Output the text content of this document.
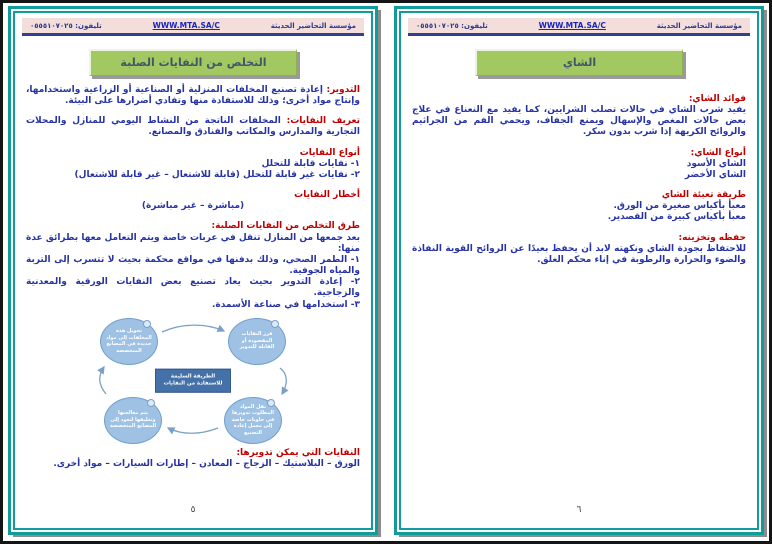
مؤسسة التحاضير الحديثة
WWW.MTA.SA/C
تليفون: ٠٥٥٥١٠٧٠٢٥
التخلص من النفايات الصلبة

التدوير: إعادة تصنيع المخلفات المنزلية أو الصناعية أو الزراعية واستخدامها، وإنتاج مواد أخرى؛ وذلك للاستفادة منها وتفادي أضرارها على البيئة.

تعريف النفايات: المخلفات الناتجة من النشاط اليومي للمنازل والمحلات التجارية والمدارس والمكاتب والفنادق والمصانع.

أنواع النفايات
١- نفايات قابلة للتحلل
٢- نفايات غير قابلة للتحلل (قابلة للاشتعال – غير قابلة للاشتعال)
أخطار النفايات
(مباشرة – غير مباشرة)
طرق التخلص من النفايات الصلبة:
بعد جمعها من المنازل تنقل في عربات خاصة ويتم التعامل معها بطرائق عدة منها:
١- الطمر الصحي، وذلك بدفنها في مواقع محكمة بحيث لا تتسرب إلى التربة والمياه الجوفية.
٢- إعادة التدوير بحيث يعاد تصنيع بعض النفايات الورقية والمعدنية والزجاجية.
٣- استخدامها في صناعة الأسمدة.
فرز النفايات المقصودة أو القابلة للتدوير
نقل المواد المطلوب تدويرها في حاويات خاصة إلى معمل إعادة التصنيع
يتم معالجتها وتغليفها لتعود إلى المصانع المتخصصة
تحويل هذه المخلفات إلى مواد جديدة في المصانع المتخصصة
الطريقة السليمة للاستفادة من النفايات
النفايات التي يمكن تدويرها:
الورق – البلاستيك – الزجاج – المعادن – إطارات السيارات – مواد أخرى.
٥
مؤسسة التحاضير الحديثة
WWW.MTA.SA/C
تليفون: ٠٥٥٥١٠٧٠٢٥
الشاي
فوائد الشاي:
يفيد شرب الشاي في حالات تصلب الشرايين، كما يفيد مع النعناع في علاج بعض حالات المغص والإسهال ويمنع الجفاف، ويحمي الفم من الجراثيم والروائح الكريهة إذا شرب بدون سكر.
أنواع الشاي:
الشاي الأسود
الشاي الأخضر
طريقة تعبئة الشاي
معبأ بأكياس صغيرة من الورق.
معبأ بأكياس كبيرة من القصدير.
حفظه وتخزينه:
للاحتفاظ بجودة الشاي ونكهته لابد أن يحفظ بعيدًا عن الروائح القوية النفاذة والضوء والحرارة والرطوبة في إناء محكم الغلق.
٦
